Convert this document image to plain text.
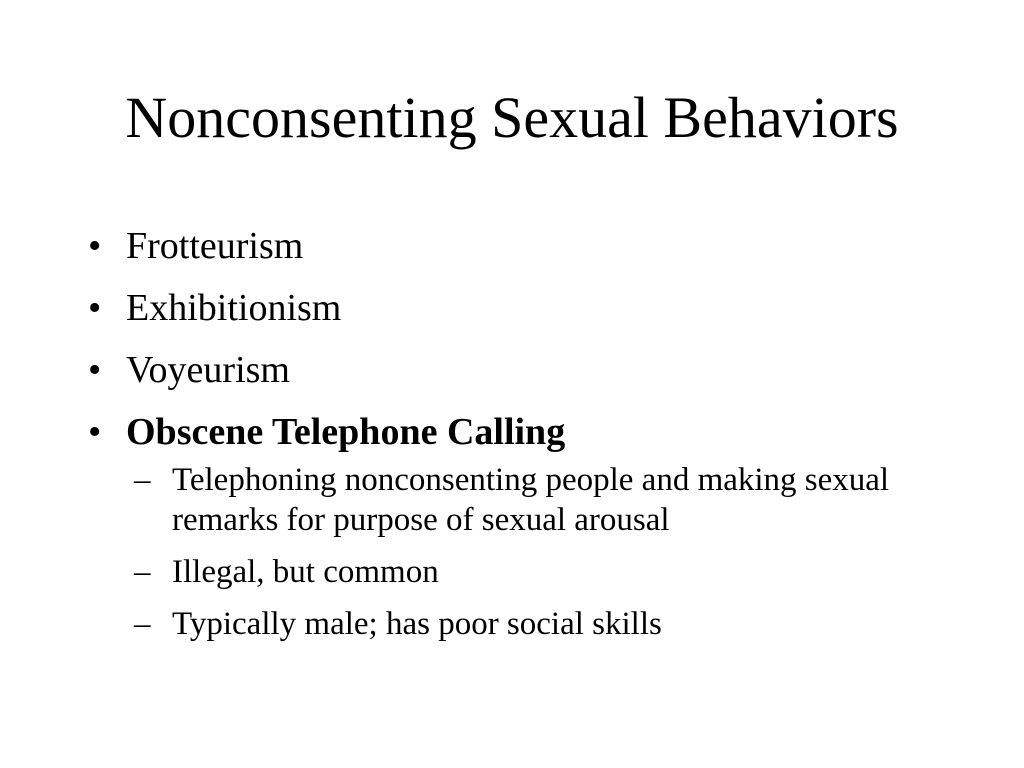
Nonconsenting Sexual Behaviors
• Frotteurism
• Exhibitionism
• Voyeurism
• Obscene Telephone Calling
– Telephoning nonconsenting people and making sexual remarks for purpose of sexual arousal
– Illegal, but common
– Typically male; has poor social skills
